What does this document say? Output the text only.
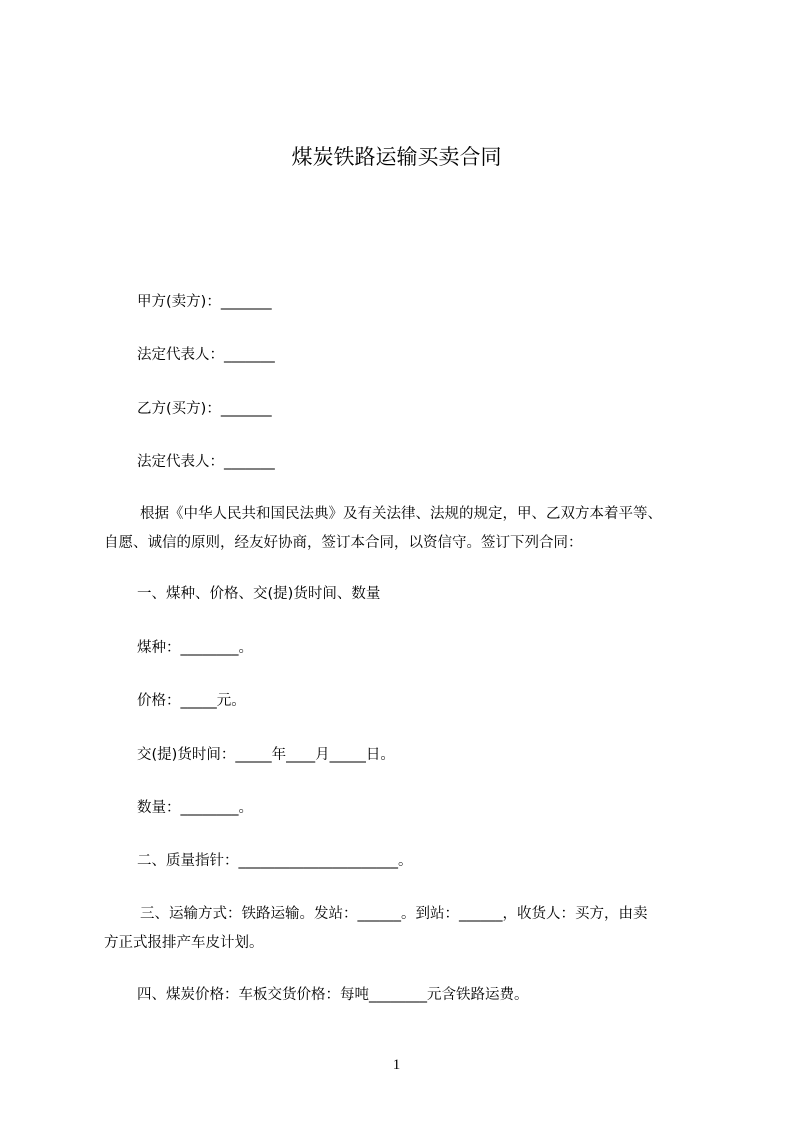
煤炭铁路运输买卖合同
甲方(卖方)：_______
法定代表人：_______
乙方(买方)：_______
法定代表人：_______
根据《中华人民共和国民法典》及有关法律、法规的规定，甲、乙双方本着平等、
自愿、诚信的原则，经友好协商，签订本合同，以资信守。签订下列合同：
一、煤种、价格、交(提)货时间、数量
煤种：________。
价格：_____元。
交(提)货时间：_____年____月_____日。
数量：________。
二、质量指针：______________________。
三、运输方式：铁路运输。发站：______。到站：______，收货人：买方，由卖
方正式报排产车皮计划。
四、煤炭价格：车板交货价格：每吨________元含铁路运费。
1
